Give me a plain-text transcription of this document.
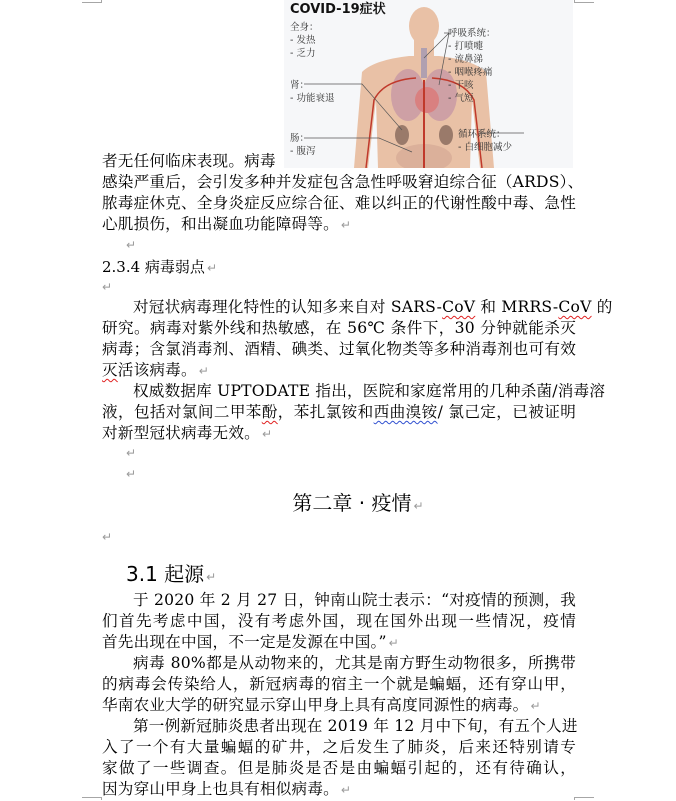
COVID-19症状
全身：
- 发热
- 乏力
肾：
- 功能衰退
肠：
- 腹泻
呼吸系统：
- 打喷嚏
- 流鼻涕
- 咽喉疼痛
- 干咳
- 气短
循环系统：
- 白细胞减少
者无任何临床表现。病毒
感染严重后，会引发多种并发症包含急性呼吸窘迫综合征（ARDS）、
脓毒症休克、全身炎症反应综合征、难以纠正的代谢性酸中毒、急性
心肌损伤，和出凝血功能障碍等。 ↵
↵
2.3.4 病毒弱点 ↵
↵
对冠状病毒理化特性的认知多来自对 SARS-CoV 和 MRRS-CoV 的
研究。病毒对紫外线和热敏感，在 56℃ 条件下，30 分钟就能杀灭
病毒；含氯消毒剂、酒精、碘类、过氧化物类等多种消毒剂也可有效
灭活该病毒。 ↵
权威数据库 UPTODATE 指出，医院和家庭常用的几种杀菌/消毒溶
液，包括对氯间二甲苯酚，苯扎氯铵和西曲溴铵/ 氯己定，已被证明
对新型冠状病毒无效。 ↵
↵
↵
第二章 · 疫情 ↵
↵
3.1 起源 ↵
于 2020 年 2 月 27 日，钟南山院士表示：“对疫情的预测，我
们首先考虑中国，没有考虑外国，现在国外出现一些情况，疫情
首先出现在中国，不一定是发源在中国。” ↵
病毒 80%都是从动物来的，尤其是南方野生动物很多，所携带
的病毒会传染给人，新冠病毒的宿主一个就是蝙蝠，还有穿山甲，
华南农业大学的研究显示穿山甲身上具有高度同源性的病毒。 ↵
第一例新冠肺炎患者出现在 2019 年 12 月中下旬，有五个人进
入了一个有大量蝙蝠的矿井，之后发生了肺炎，后来还特别请专
家做了一些调查。但是肺炎是否是由蝙蝠引起的，还有待确认，
因为穿山甲身上也具有相似病毒。 ↵
